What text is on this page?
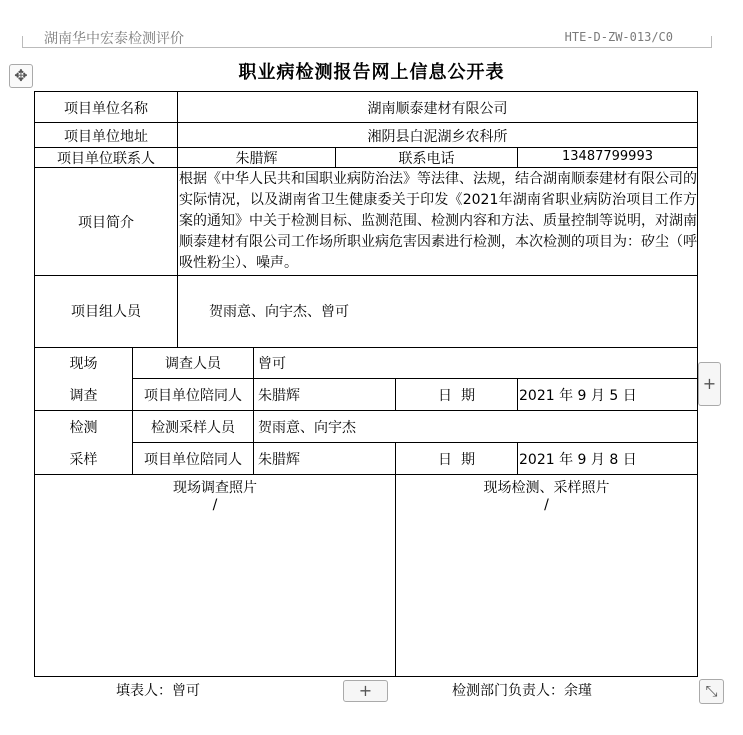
湖南华中宏泰检测评价	HTE-D-ZW-013/C0
✥	职业病检测报告网上信息公开表
项目单位名称	湖南顺泰建材有限公司
项目单位地址	湘阴县白泥湖乡农科所
项目单位联系人	朱腊辉	联系电话	13487799993
项目简介
根据《中华人民共和国职业病防治法》等法律、法规，结合湖南顺泰建材有限公司的实际情况，以及湖南省卫生健康委关于印发《2021年湖南省职业病防治项目工作方案的通知》中关于检测目标、监测范围、检测内容和方法、质量控制等说明，对湖南顺泰建材有限公司工作场所职业病危害因素进行检测，本次检测的项目为：矽尘（呼吸性粉尘）、噪声。
项目组人员	贺雨意、向宇杰、曾可
现场
调查
调查人员	曾可
项目单位陪同人	朱腊辉	日  期	2021 年 9 月 5 日
检测
采样
检测采样人员	贺雨意、向宇杰
项目单位陪同人	朱腊辉	日  期	2021 年 9 月 8 日
现场调查照片
/
现场检测、采样照片
/
填表人：曾可	检测部门负责人：余瑾
+
+	⤡
